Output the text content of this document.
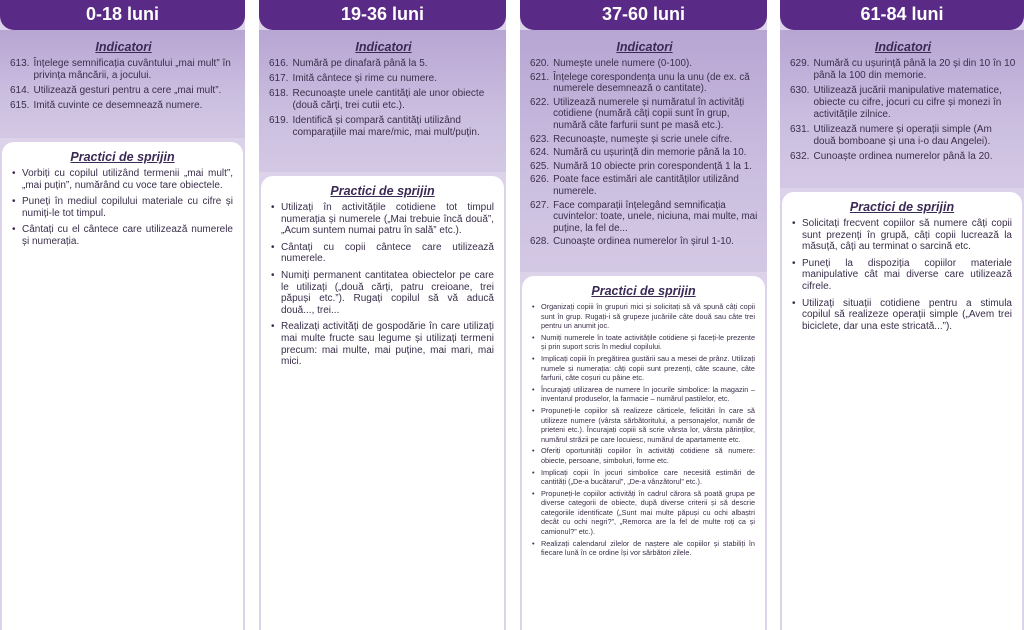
0-18 luni
Indicatori
613. Înțelege semnificația cuvântului „mai mult” în privința mâncării, a jocului.
614. Utilizează gesturi pentru a cere „mai mult”.
615. Imită cuvinte ce desemnează numere.
Practici de sprijin
• Vorbiți cu copilul utilizând termenii „mai mult”, „mai puțin”, numărând cu voce tare obiectele.
• Puneți în mediul copilului materiale cu cifre și numiți-le tot timpul.
• Cântați cu el cântece care utilizează numerele și numerația.
19-36 luni
Indicatori
616. Numără pe dinafară până la 5.
617. Imită cântece și rime cu numere.
618. Recunoaște unele cantități ale unor obiecte (două cărți, trei cutii etc.).
619. Identifică și compară cantități utilizând comparațiile mai mare/mic, mai mult/puțin.
Practici de sprijin
• Utilizați în activitățile cotidiene tot timpul numerația și numerele („Mai trebuie încă două”, „Acum suntem numai patru în sală” etc.).
• Cântați cu copii cântece care utilizează numerele.
• Numiți permanent cantitatea obiectelor pe care le utilizați („două cărți, patru creioane, trei păpuși etc.”). Rugați copilul să vă aducă două..., trei...
• Realizați activități de gospodărie în care utilizați mai multe fructe sau legume și utilizați termeni precum: mai multe, mai puține, mai mari, mai mici.
37-60 luni
Indicatori
620. Numește unele numere (0-100).
621. Înțelege corespondența unu la unu (de ex. că numerele desemnează o cantitate).
622. Utilizează numerele și număratul în activități cotidiene (numără câți copii sunt în grup, numără câte farfurii sunt pe masă etc.).
623. Recunoaște, numește și scrie unele cifre.
624. Numără cu ușurință din memorie până la 10.
625. Numără 10 obiecte prin corespondență 1 la 1.
626. Poate face estimări ale cantităților utilizând numerele.
627. Face comparații înțelegând semnificația cuvintelor: toate, unele, niciuna, mai multe, mai puține, la fel de...
628. Cunoaște ordinea numerelor în șirul 1-10.
Practici de sprijin
• Organizați copiii în grupuri mici și solicitați să vă spună câți copii sunt în grup. Rugați-i să grupeze jucăriile câte două sau câte trei pentru un anumit joc.
• Numiți numerele în toate activitățile cotidiene și faceți-le prezente și prin suport scris în mediul copilului.
• Implicați copiii în pregătirea gustării sau a mesei de prânz. Utilizați numele și numerația: câți copii sunt prezenți, câte scaune, câte farfurii, câte coșuri cu pâine etc.
• Încurajați utilizarea de numere în jocurile simbolice: la magazin – inventarul produselor, la farmacie – numărul pastilelor, etc.
• Propuneți-le copiilor să realizeze cărticele, felicitări în care să utilizeze numere (vârsta sărbătoritului, a personajelor, număr de prieteni etc.). Încurajați copiii să scrie vârsta lor, vârsta părinților, numărul străzii pe care locuiesc, numărul de apartamente etc.
• Oferiți oportunități copiilor în activități cotidiene să numere: obiecte, persoane, simboluri, forme etc.
• Implicați copii în jocuri simbolice care necesită estimări de cantități („De-a bucătarul”, „De-a vânzătorul” etc.).
• Propuneți-le copiilor activități în cadrul cărora să poată grupa pe diverse categorii de obiecte, după diverse criterii și să descrie categoriile identificate („Sunt mai multe păpuși cu ochi albaștri decât cu ochi negri?”, „Remorca are la fel de multe roți ca și camionul?” etc.).
• Realizați calendarul zilelor de naștere ale copiilor și stabiliți în fiecare lună în ce ordine își vor sărbători zilele.
61-84 luni
Indicatori
629. Numără cu ușurință până la 20 și din 10 în 10 până la 100 din memorie.
630. Utilizează jucării manipulative matematice, obiecte cu cifre, jocuri cu cifre și monezi în activitățile zilnice.
631. Utilizează numere și operații simple (Am două bomboane și una i-o dau Angelei).
632. Cunoaște ordinea numerelor până la 20.
Practici de sprijin
• Solicitați frecvent copiilor să numere câți copii sunt prezenți în grupă, câți copii lucrează la măsuță, câți au terminat o sarcină etc.
• Puneți la dispoziția copiilor materiale manipulative cât mai diverse care utilizează cifrele.
• Utilizați situații cotidiene pentru a stimula copilul să realizeze operații simple („Avem trei biciclete, dar una este stricată...”).
